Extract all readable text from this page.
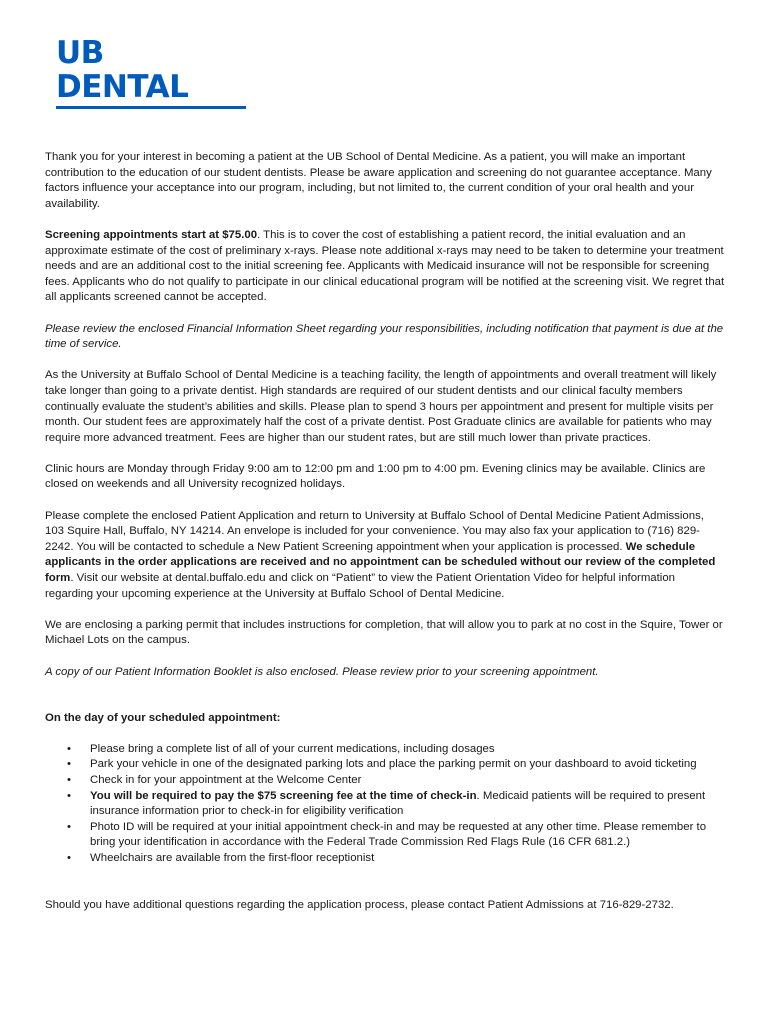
UB DENTAL

Thank you for your interest in becoming a patient at the UB School of Dental Medicine. As a patient, you will make an important contribution to the education of our student dentists. Please be aware application and screening do not guarantee acceptance. Many factors influence your acceptance into our program, including, but not limited to, the current condition of your oral health and your availability.

Screening appointments start at $75.00. This is to cover the cost of establishing a patient record, the initial evaluation and an approximate estimate of the cost of preliminary x-rays. Please note additional x-rays may need to be taken to determine your treatment needs and are an additional cost to the initial screening fee. Applicants with Medicaid insurance will not be responsible for screening fees. Applicants who do not qualify to participate in our clinical educational program will be notified at the screening visit. We regret that all applicants screened cannot be accepted.

Please review the enclosed Financial Information Sheet regarding your responsibilities, including notification that payment is due at the time of service.

As the University at Buffalo School of Dental Medicine is a teaching facility, the length of appointments and overall treatment will likely take longer than going to a private dentist. High standards are required of our student dentists and our clinical faculty members continually evaluate the student’s abilities and skills. Please plan to spend 3 hours per appointment and present for multiple visits per month. Our student fees are approximately half the cost of a private dentist. Post Graduate clinics are available for patients who may require more advanced treatment. Fees are higher than our student rates, but are still much lower than private practices.

Clinic hours are Monday through Friday 9:00 am to 12:00 pm and 1:00 pm to 4:00 pm. Evening clinics may be available. Clinics are closed on weekends and all University recognized holidays.

Please complete the enclosed Patient Application and return to University at Buffalo School of Dental Medicine Patient Admissions, 103 Squire Hall, Buffalo, NY 14214. An envelope is included for your convenience. You may also fax your application to (716) 829-2242. You will be contacted to schedule a New Patient Screening appointment when your application is processed. We schedule applicants in the order applications are received and no appointment can be scheduled without our review of the completed form. Visit our website at dental.buffalo.edu and click on “Patient” to view the Patient Orientation Video for helpful information regarding your upcoming experience at the University at Buffalo School of Dental Medicine.

We are enclosing a parking permit that includes instructions for completion, that will allow you to park at no cost in the Squire, Tower or Michael Lots on the campus.

A copy of our Patient Information Booklet is also enclosed. Please review prior to your screening appointment.

On the day of your scheduled appointment:

• Please bring a complete list of all of your current medications, including dosages
• Park your vehicle in one of the designated parking lots and place the parking permit on your dashboard to avoid ticketing
• Check in for your appointment at the Welcome Center
• You will be required to pay the $75 screening fee at the time of check-in. Medicaid patients will be required to present insurance information prior to check-in for eligibility verification
• Photo ID will be required at your initial appointment check-in and may be requested at any other time. Please remember to bring your identification in accordance with the Federal Trade Commission Red Flags Rule (16 CFR 681.2.)
• Wheelchairs are available from the first-floor receptionist

Should you have additional questions regarding the application process, please contact Patient Admissions at 716-829-2732.
